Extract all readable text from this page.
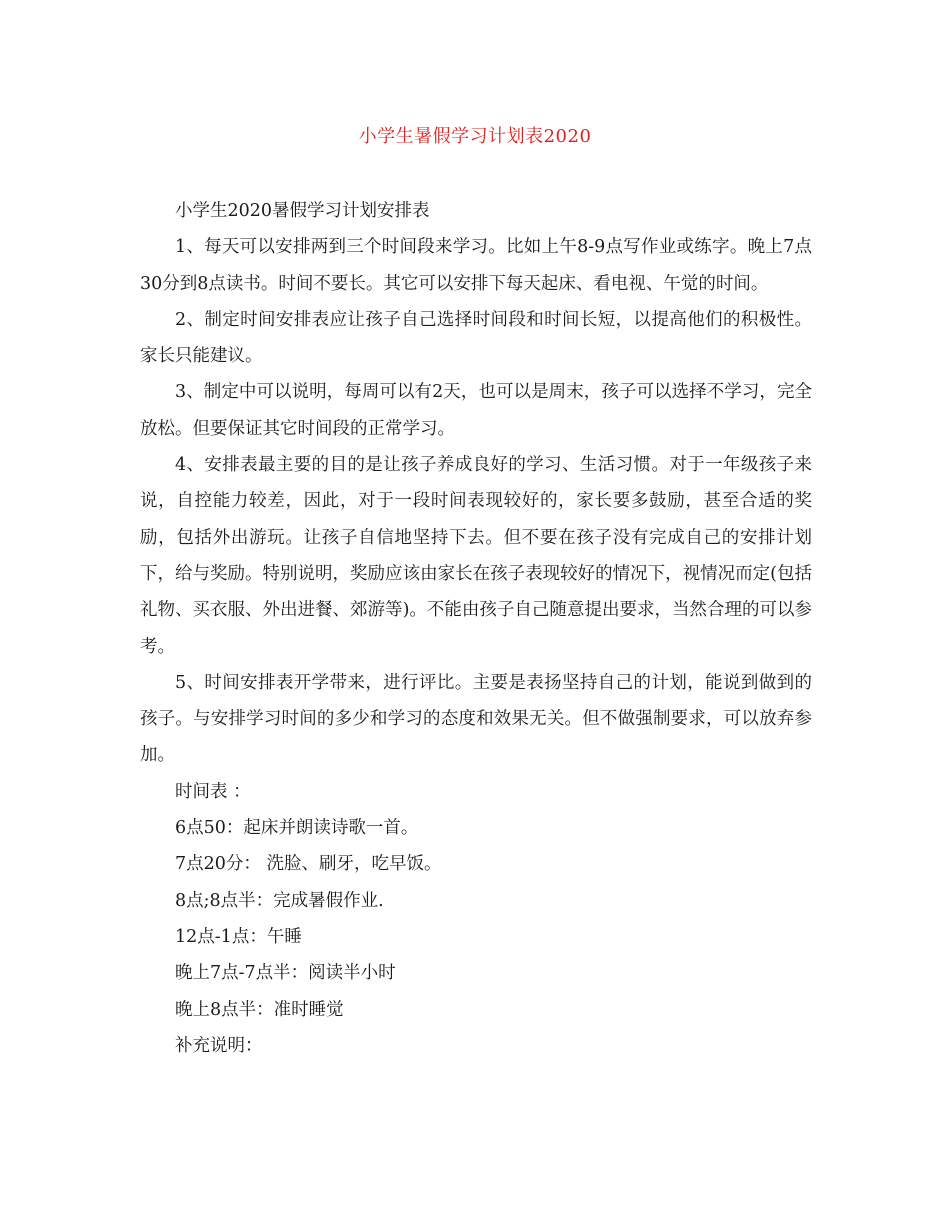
小学生暑假学习计划表2020

小学生2020暑假学习计划安排表

1、每天可以安排两到三个时间段来学习。比如上午8-9点写作业或练字。晚上7点30分到8点读书。时间不要长。其它可以安排下每天起床、看电视、午觉的时间。

2、制定时间安排表应让孩子自己选择时间段和时间长短，以提高他们的积极性。家长只能建议。

3、制定中可以说明，每周可以有2天，也可以是周末，孩子可以选择不学习，完全放松。但要保证其它时间段的正常学习。

4、安排表最主要的目的是让孩子养成良好的学习、生活习惯。对于一年级孩子来说，自控能力较差，因此，对于一段时间表现较好的，家长要多鼓励，甚至合适的奖励，包括外出游玩。让孩子自信地坚持下去。但不要在孩子没有完成自己的安排计划下，给与奖励。特别说明，奖励应该由家长在孩子表现较好的情况下，视情况而定(包括礼物、买衣服、外出进餐、郊游等)。不能由孩子自己随意提出要求，当然合理的可以参考。

5、时间安排表开学带来，进行评比。主要是表扬坚持自己的计划，能说到做到的孩子。与安排学习时间的多少和学习的态度和效果无关。但不做强制要求，可以放弃参加。

时间表 ：

6点50：起床并朗读诗歌一首。

7点20分： 洗脸、刷牙，吃早饭。

8点;8点半：完成暑假作业.

12点-1点：午睡

晚上7点-7点半：阅读半小时

晚上8点半：准时睡觉

补充说明：
